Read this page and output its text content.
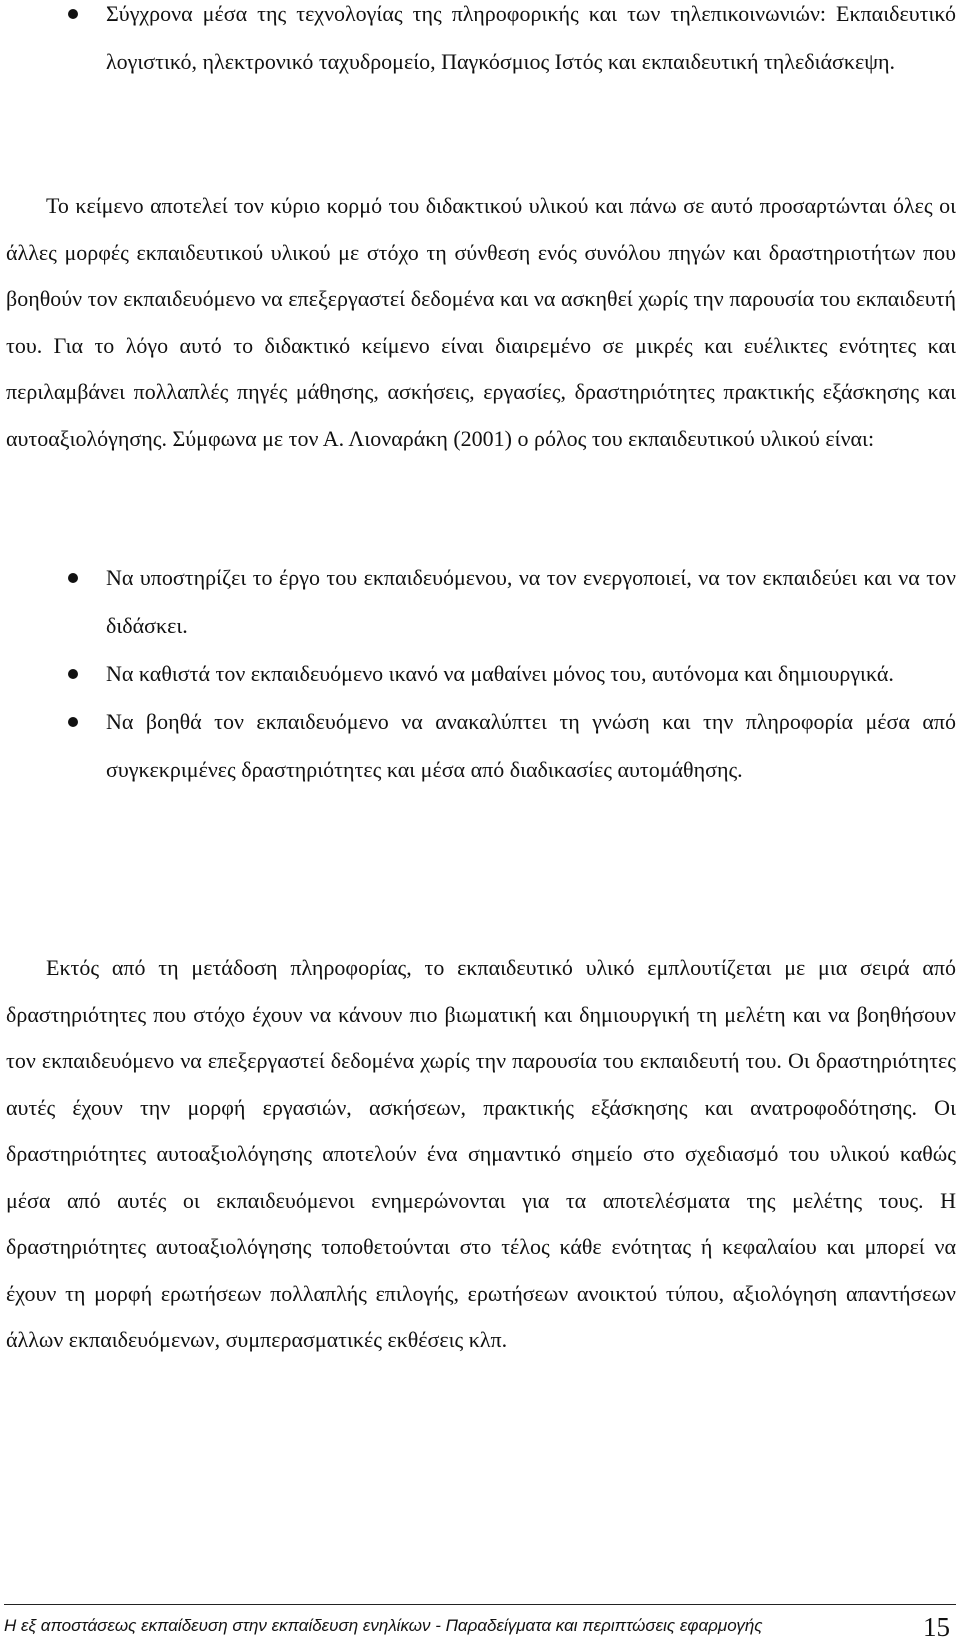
Σύγχρονα μέσα της τεχνολογίας της πληροφορικής και των τηλεπικοινωνιών: Εκπαιδευτικό λογιστικό, ηλεκτρονικό ταχυδρομείο, Παγκόσμιος Ιστός και εκπαιδευτική τηλεδιάσκεψη.

Το κείμενο αποτελεί τον κύριο κορμό του διδακτικού υλικού και πάνω σε αυτό προσαρτώνται όλες οι άλλες μορφές εκπαιδευτικού υλικού με στόχο τη σύνθεση ενός συνόλου πηγών και δραστηριοτήτων που βοηθούν τον εκπαιδευόμενο να επεξεργαστεί δεδομένα και να ασκηθεί χωρίς την παρουσία του εκπαιδευτή του. Για το λόγο αυτό το διδακτικό κείμενο είναι διαιρεμένο σε μικρές και ευέλικτες ενότητες και περιλαμβάνει πολλαπλές πηγές μάθησης, ασκήσεις, εργασίες, δραστηριότητες πρακτικής εξάσκησης και αυτοαξιολόγησης. Σύμφωνα με τον Α. Λιοναράκη (2001) ο ρόλος του εκπαιδευτικού υλικού είναι:

Να υποστηρίζει το έργο του εκπαιδευόμενου, να τον ενεργοποιεί, να τον εκπαιδεύει και να τον διδάσκει.
Να καθιστά τον εκπαιδευόμενο ικανό να μαθαίνει μόνος του, αυτόνομα και δημιουργικά.
Να βοηθά τον εκπαιδευόμενο να ανακαλύπτει τη γνώση και την πληροφορία μέσα από συγκεκριμένες δραστηριότητες και μέσα από διαδικασίες αυτομάθησης.

Εκτός από τη μετάδοση πληροφορίας, το εκπαιδευτικό υλικό εμπλουτίζεται με μια σειρά από δραστηριότητες που στόχο έχουν να κάνουν πιο βιωματική και δημιουργική τη μελέτη και να βοηθήσουν τον εκπαιδευόμενο να επεξεργαστεί δεδομένα χωρίς την παρουσία του εκπαιδευτή του. Οι δραστηριότητες αυτές έχουν την μορφή εργασιών, ασκήσεων, πρακτικής εξάσκησης και ανατροφοδότησης. Οι δραστηριότητες αυτοαξιολόγησης αποτελούν ένα σημαντικό σημείο στο σχεδιασμό του υλικού καθώς μέσα από αυτές οι εκπαιδευόμενοι ενημερώνονται για τα αποτελέσματα της μελέτης τους. Η δραστηριότητες αυτοαξιολόγησης τοποθετούνται στο τέλος κάθε ενότητας ή κεφαλαίου και μπορεί να έχουν τη μορφή ερωτήσεων πολλαπλής επιλογής, ερωτήσεων ανοικτού τύπου, αξιολόγηση απαντήσεων άλλων εκπαιδευόμενων, συμπερασματικές εκθέσεις κλπ.

Η εξ αποστάσεως εκπαίδευση στην εκπαίδευση ενηλίκων - Παραδείγματα και περιπτώσεις εφαρμογής	15
